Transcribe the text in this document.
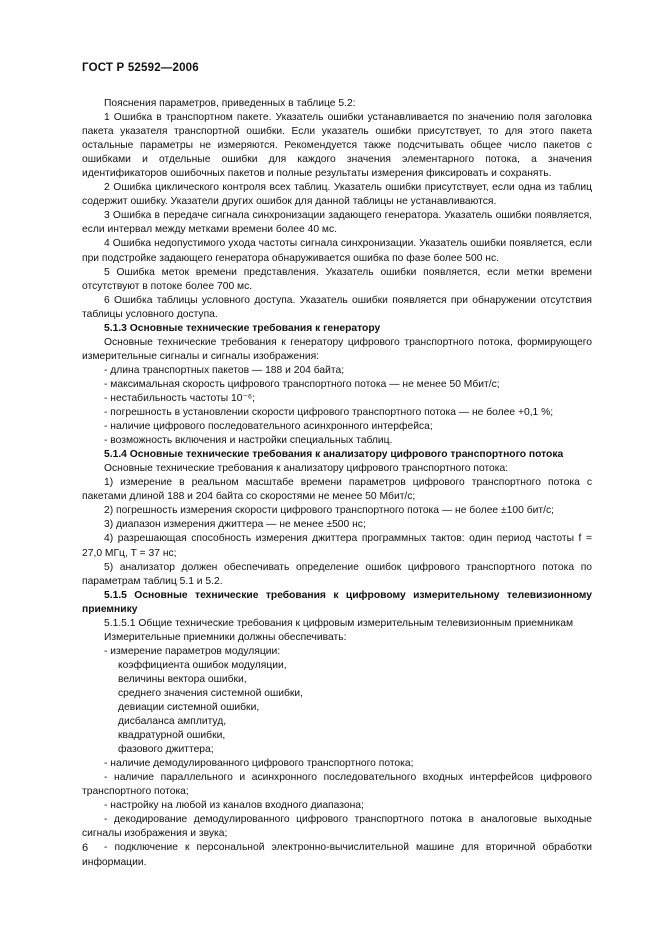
ГОСТ Р 52592—2006
Пояснения параметров, приведенных в таблице 5.2:
1 Ошибка в транспортном пакете. Указатель ошибки устанавливается по значению поля заголовка пакета указателя транспортной ошибки. Если указатель ошибки присутствует, то для этого пакета остальные параметры не измеряются. Рекомендуется также подсчитывать общее число пакетов с ошибками и отдельные ошибки для каждого значения элементарного потока, а значения идентификаторов ошибочных пакетов и полные результаты измерения фиксировать и сохранять.
2 Ошибка циклического контроля всех таблиц. Указатель ошибки присутствует, если одна из таблиц содержит ошибку. Указатели других ошибок для данной таблицы не устанавливаются.
3 Ошибка в передаче сигнала синхронизации задающего генератора. Указатель ошибки появляется, если интервал между метками времени более 40 мс.
4 Ошибка недопустимого ухода частоты сигнала синхронизации. Указатель ошибки появляется, если при подстройке задающего генератора обнаруживается ошибка по фазе более 500 нс.
5 Ошибка меток времени представления. Указатель ошибки появляется, если метки времени отсутствуют в потоке более 700 мс.
6 Ошибка таблицы условного доступа. Указатель ошибки появляется при обнаружении отсутствия таблицы условного доступа.
5.1.3 Основные технические требования к генератору
Основные технические требования к генератору цифрового транспортного потока, формирующего измерительные сигналы и сигналы изображения:
- длина транспортных пакетов — 188 и 204 байта;
- максимальная скорость цифрового транспортного потока — не менее 50 Мбит/с;
- нестабильность частоты 10⁻⁶;
- погрешность в установлении скорости цифрового транспортного потока — не более +0,1 %;
- наличие цифрового последовательного асинхронного интерфейса;
- возможность включения и настройки специальных таблиц.
5.1.4 Основные технические требования к анализатору цифрового транспортного потока
Основные технические требования к анализатору цифрового транспортного потока:
1) измерение в реальном масштабе времени параметров цифрового транспортного потока с пакетами длиной 188 и 204 байта со скоростями не менее 50 Мбит/с;
2) погрешность измерения скорости цифрового транспортного потока — не более ±100 бит/с;
3) диапазон измерения джиттера — не менее ±500 нс;
4) разрешающая способность измерения джиттера программных тактов: один период частоты f = 27,0 МГц, T = 37 нс;
5) анализатор должен обеспечивать определение ошибок цифрового транспортного потока по параметрам таблиц 5.1 и 5.2.
5.1.5 Основные технические требования к цифровому измерительному телевизионному приемнику
5.1.5.1 Общие технические требования к цифровым измерительным телевизионным приемникам
Измерительные приемники должны обеспечивать:
- измерение параметров модуляции:
коэффициента ошибок модуляции,
величины вектора ошибки,
среднего значения системной ошибки,
девиации системной ошибки,
дисбаланса амплитуд,
квадратурной ошибки,
фазового джиттера;
- наличие демодулированного цифрового транспортного потока;
- наличие параллельного и асинхронного последовательного входных интерфейсов цифрового транспортного потока;
- настройку на любой из каналов входного диапазона;
- декодирование демодулированного цифрового транспортного потока в аналоговые выходные сигналы изображения и звука;
- подключение к персональной электронно-вычислительной машине для вторичной обработки информации.
6
